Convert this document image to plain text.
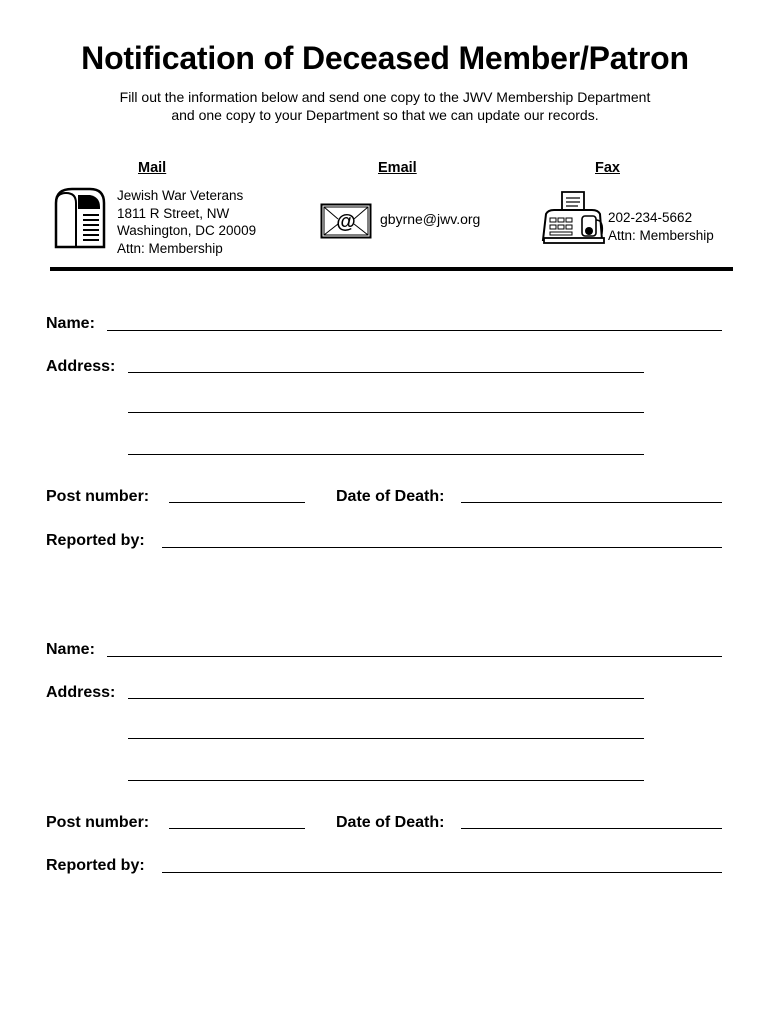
Notification of Deceased Member/Patron
Fill out the information below and send one copy to the JWV Membership Department
and one copy to your Department so that we can update our records.
Mail	Email	Fax
Jewish War Veterans
1811 R Street, NW
Washington, DC 20009
Attn: Membership
@ gbyrne@jwv.org	202-234-5662
Attn: Membership
Name:
Address:
Post number:	Date of Death:
Reported by:
Name:
Address:
Post number:	Date of Death:
Reported by:
